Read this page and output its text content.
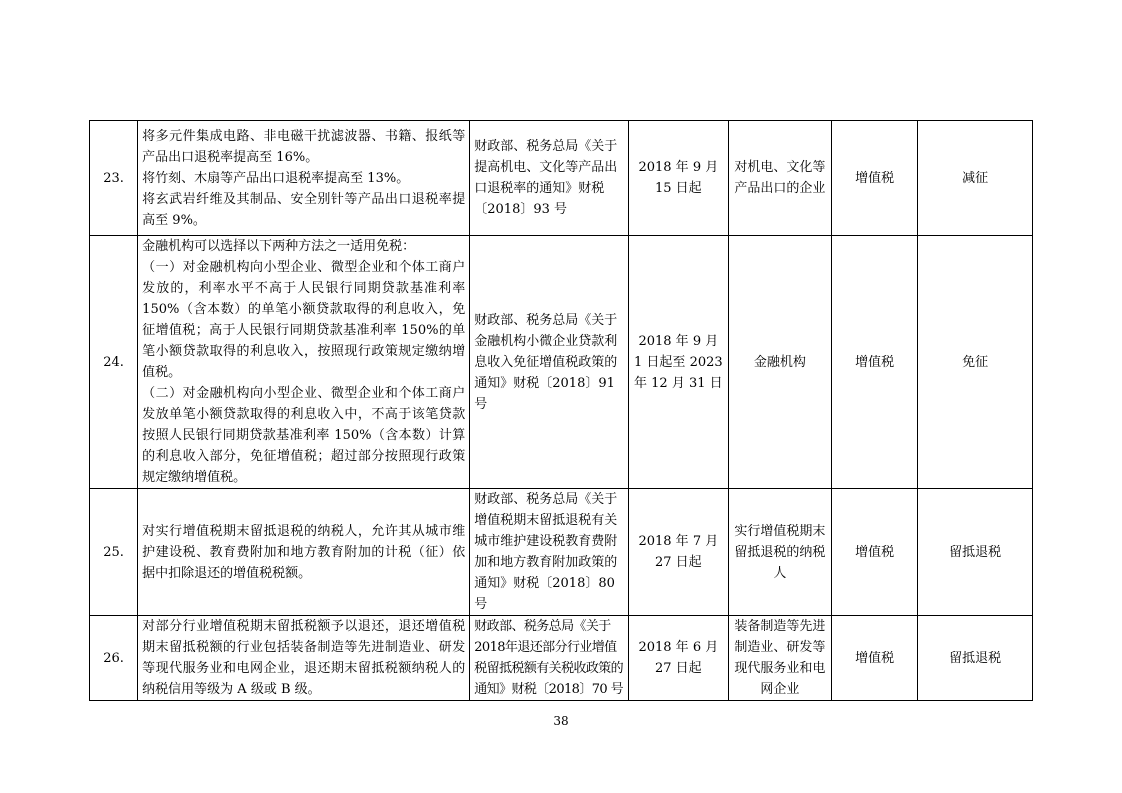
23.	将多元件集成电路、非电磁干扰滤波器、书籍、报纸等产品出口退税率提高至 16%。

将竹刻、木扇等产品出口退税率提高至 13%。

将玄武岩纤维及其制品、安全别针等产品出口退税率提高至 9%。	财政部、税务总局《关于提高机电、文化等产品出口退税率的通知》财税〔2018〕93 号	2018 年 9 月 15 日起	对机电、文化等产品出口的企业	增值税	减征
24.	金融机构可以选择以下两种方法之一适用免税：

（一）对金融机构向小型企业、微型企业和个体工商户发放的，利率水平不高于人民银行同期贷款基准利率 150%（含本数）的单笔小额贷款取得的利息收入，免征增值税；高于人民银行同期贷款基准利率 150%的单笔小额贷款取得的利息收入，按照现行政策规定缴纳增值税。

（二）对金融机构向小型企业、微型企业和个体工商户发放单笔小额贷款取得的利息收入中，不高于该笔贷款按照人民银行同期贷款基准利率 150%（含本数）计算的利息收入部分，免征增值税；超过部分按照现行政策规定缴纳增值税。	财政部、税务总局《关于金融机构小微企业贷款利息收入免征增值税政策的通知》财税〔2018〕91 号	2018 年 9 月 1 日起至 2023 年 12 月 31 日	金融机构	增值税	免征
25.	对实行增值税期末留抵退税的纳税人，允许其从城市维护建设税、教育费附加和地方教育附加的计税（征）依据中扣除退还的增值税税额。	财政部、税务总局《关于增值税期末留抵退税有关城市维护建设税教育费附加和地方教育附加政策的通知》财税〔2018〕80 号	2018 年 7 月 27 日起	实行增值税期末留抵退税的纳税人	增值税	留抵退税
26.	对部分行业增值税期末留抵税额予以退还，退还增值税期末留抵税额的行业包括装备制造等先进制造业、研发等现代服务业和电网企业，退还期末留抵税额纳税人的纳税信用等级为 A 级或 B 级。	财政部、税务总局《关于2018年退还部分行业增值税留抵税额有关税收政策的通知》财税〔2018〕70 号	2018 年 6 月 27 日起	装备制造等先进制造业、研发等现代服务业和电网企业	增值税	留抵退税
38
